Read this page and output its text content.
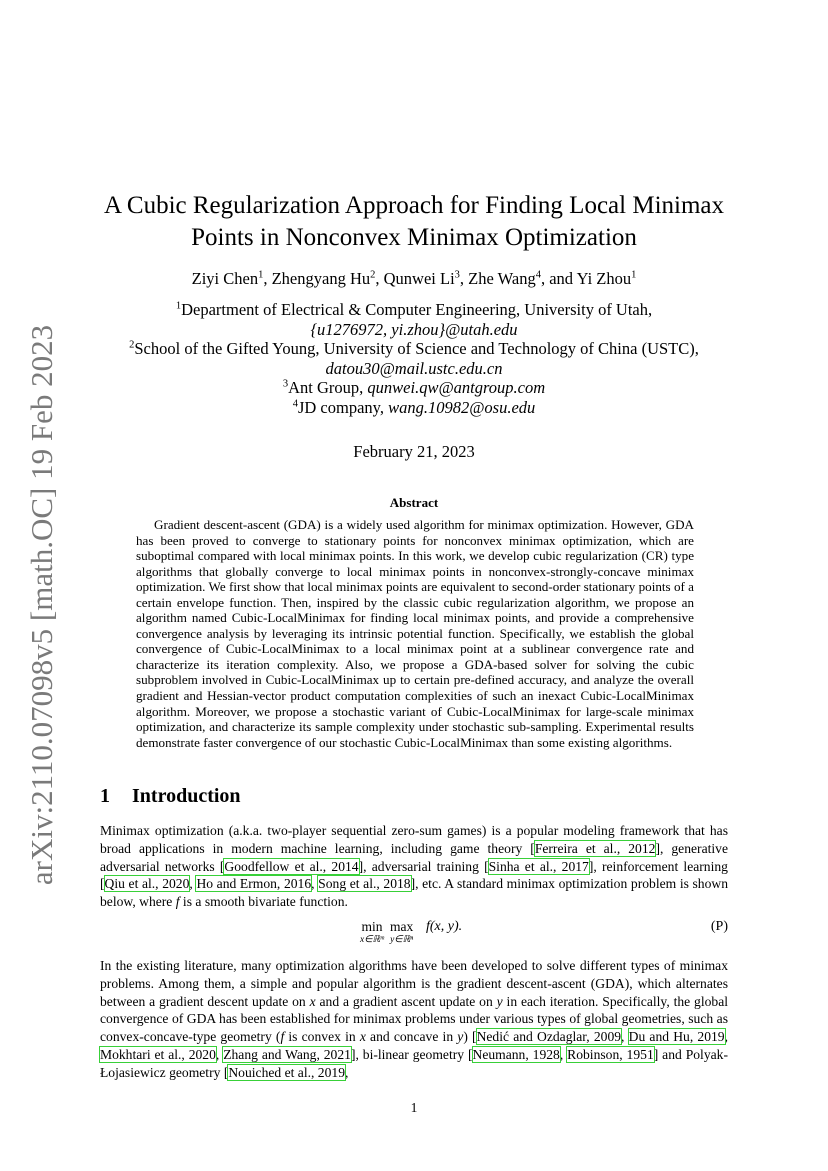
arXiv:2110.07098v5 [math.OC] 19 Feb 2023
A Cubic Regularization Approach for Finding Local Minimax
Points in Nonconvex Minimax Optimization
Ziyi Chen$^1$, Zhengyang Hu$^2$, Qunwei Li$^3$, Zhe Wang$^4$, and Yi Zhou$^1$
$^1$Department of Electrical & Computer Engineering, University of Utah,
{u1276972, yi.zhou}@utah.edu
$^2$School of the Gifted Young, University of Science and Technology of China (USTC),
datou30@mail.ustc.edu.cn
$^3$Ant Group, qunwei.qw@antgroup.com
$^4$JD company, wang.10982@osu.edu
February 21, 2023
Abstract
Gradient descent-ascent (GDA) is a widely used algorithm for minimax optimization. However, GDA has been proved to converge to stationary points for nonconvex minimax optimization, which are suboptimal compared with local minimax points. In this work, we develop cubic regularization (CR) type algorithms that globally converge to local minimax points in nonconvex-strongly-concave minimax optimization. We first show that local minimax points are equivalent to second-order stationary points of a certain envelope function. Then, inspired by the classic cubic regularization algorithm, we propose an algorithm named Cubic-LocalMinimax for finding local minimax points, and provide a comprehensive convergence analysis by leveraging its intrinsic potential function. Specifically, we establish the global convergence of Cubic-LocalMinimax to a local minimax point at a sublinear convergence rate and characterize its iteration complexity. Also, we propose a GDA-based solver for solving the cubic subproblem involved in Cubic-LocalMinimax up to certain pre-defined accuracy, and analyze the overall gradient and Hessian-vector product computation complexities of such an inexact Cubic-LocalMinimax algorithm. Moreover, we propose a stochastic variant of Cubic-LocalMinimax for large-scale minimax optimization, and characterize its sample complexity under stochastic sub-sampling. Experimental results demonstrate faster convergence of our stochastic Cubic-LocalMinimax than some existing algorithms.
1 Introduction
Minimax optimization (a.k.a. two-player sequential zero-sum games) is a popular modeling framework that has broad applications in modern machine learning, including game theory [Ferreira et al., 2012], generative adversarial networks [Goodfellow et al., 2014], adversarial training [Sinha et al., 2017], reinforcement learning [Qiu et al., 2020, Ho and Ermon, 2016, Song et al., 2018], etc. A standard minimax optimization problem is shown below, where f is a smooth bivariate function.
min
x∈ℝᵐ
max
y∈ℝⁿ
f(x, y).	(P)
In the existing literature, many optimization algorithms have been developed to solve different types of minimax problems. Among them, a simple and popular algorithm is the gradient descent-ascent (GDA), which alternates between a gradient descent update on x and a gradient ascent update on y in each iteration. Specifically, the global convergence of GDA has been established for minimax problems under various types of global geometries, such as convex-concave-type geometry (f is convex in x and concave in y) [Nedić and Ozdaglar, 2009, Du and Hu, 2019, Mokhtari et al., 2020, Zhang and Wang, 2021], bi-linear geometry [Neumann, 1928, Robinson, 1951] and Polyak-Łojasiewicz geometry [Nouiched et al., 2019,
1
